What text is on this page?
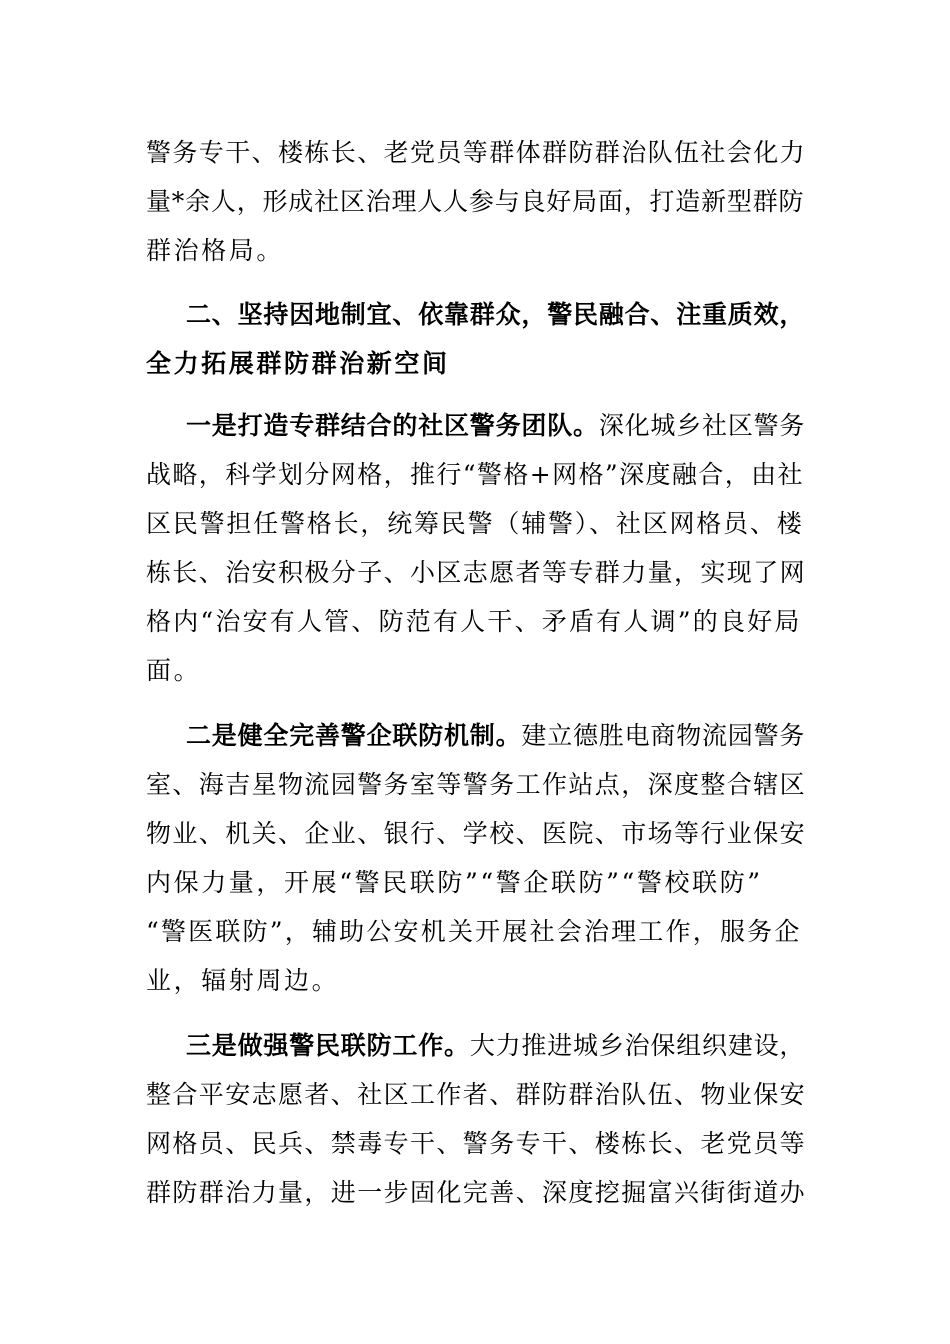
警务专干、楼栋长、老党员等群体群防群治队伍社会化力
量*余人，形成社区治理人人参与良好局面，打造新型群防
群治格局。
二、坚持因地制宜、依靠群众，警民融合、注重质效，
全力拓展群防群治新空间
一是打造专群结合的社区警务团队。深化城乡社区警务
战略，科学划分网格，推行“警格+网格”深度融合，由社
区民警担任警格长，统筹民警（辅警）、社区网格员、楼
栋长、治安积极分子、小区志愿者等专群力量，实现了网
格内“治安有人管、防范有人干、矛盾有人调”的良好局
面。
二是健全完善警企联防机制。建立德胜电商物流园警务
室、海吉星物流园警务室等警务工作站点，深度整合辖区
物业、机关、企业、银行、学校、医院、市场等行业保安
内保力量，开展“警民联防”“警企联防”“警校联防”
“警医联防”，辅助公安机关开展社会治理工作，服务企
业，辐射周边。
三是做强警民联防工作。大力推进城乡治保组织建设，
整合平安志愿者、社区工作者、群防群治队伍、物业保安
网格员、民兵、禁毒专干、警务专干、楼栋长、老党员等
群防群治力量，进一步固化完善、深度挖掘富兴街街道办
